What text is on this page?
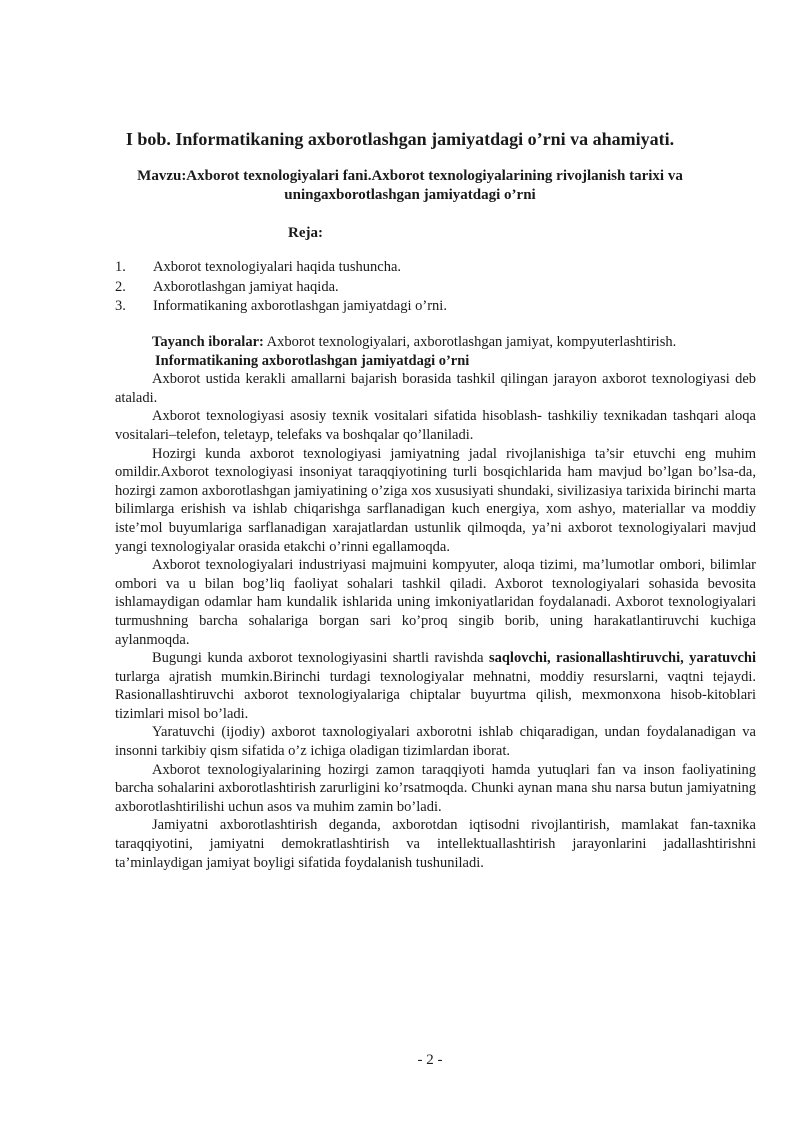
I bob. Informatikaning axborotlashgan jamiyatdagi o’rni va ahamiyati.
Mavzu:Axborot texnologiyalari fani.Axborot texnologiyalarining rivojlanish tarixi va uningaxborotlashgan jamiyatdagi o’rni
Reja:
1.	Axborot texnologiyalari haqida tushuncha.
2.	Axborotlashgan jamiyat haqida.
3.	Informatikaning axborotlashgan jamiyatdagi o’rni.

Tayanch iboralar: Axborot texnologiyalari, axborotlashgan jamiyat, kompyuterlashtirish.

Informatikaning axborotlashgan jamiyatdagi o’rni

Axborot ustida kerakli amallarni bajarish borasida tashkil qilingan jarayon axborot texnologiyasi deb ataladi.

Axborot texnologiyasi asosiy texnik vositalari sifatida hisoblash- tashkiliy texnikadan tashqari aloqa vositalari–telefon, teletayp, telefaks va boshqalar qo’llaniladi.

Hozirgi kunda axborot texnologiyasi jamiyatning jadal rivojlanishiga ta’sir etuvchi eng muhim omildir.Axborot texnologiyasi insoniyat taraqqiyotining turli bosqichlarida ham mavjud bo’lgan bo’lsa-da, hozirgi zamon axborotlashgan jamiyatining o’ziga xos xususiyati shundaki, sivilizasiya tarixida birinchi marta bilimlarga erishish va ishlab chiqarishga sarflanadigan kuch energiya, xom ashyo, materiallar va moddiy iste’mol buyumlariga sarflanadigan xarajatlardan ustunlik qilmoqda, ya’ni axborot texnologiyalari mavjud yangi texnologiyalar orasida etakchi o’rinni egallamoqda.

Axborot texnologiyalari industriyasi majmuini kompyuter, aloqa tizimi, ma’lumotlar ombori, bilimlar ombori va u bilan bog’liq faoliyat sohalari tashkil qiladi. Axborot texnologiyalari sohasida bevosita ishlamaydigan odamlar ham kundalik ishlarida uning imkoniyatlaridan foydalanadi. Axborot texnologiyalari turmushning barcha sohalariga borgan sari ko’proq singib borib, uning harakatlantiruvchi kuchiga aylanmoqda.

Bugungi kunda axborot texnologiyasini shartli ravishda saqlovchi, rasionallashtiruvchi, yaratuvchi turlarga ajratish mumkin.Birinchi turdagi texnologiyalar mehnatni, moddiy resurslarni, vaqtni tejaydi. Rasionallashtiruvchi axborot texnologiyalariga chiptalar buyurtma qilish, mexmonxona hisob-kitoblari tizimlari misol bo’ladi.

Yaratuvchi (ijodiy) axborot taxnologiyalari axborotni ishlab chiqaradigan, undan foydalanadigan va insonni tarkibiy qism sifatida o’z ichiga oladigan tizimlardan iborat.

Axborot texnologiyalarining hozirgi zamon taraqqiyoti hamda yutuqlari fan va inson faoliyatining barcha sohalarini axborotlashtirish zarurligini ko’rsatmoqda. Chunki aynan mana shu narsa butun jamiyatning axborotlashtirilishi uchun asos va muhim zamin bo’ladi.

Jamiyatni axborotlashtirish deganda, axborotdan iqtisodni rivojlantirish, mamlakat fan-taxnika taraqqiyotini, jamiyatni demokratlashtirish va intellektuallashtirish jarayonlarini jadallashtirishni ta’minlaydigan jamiyat boyligi sifatida foydalanish tushuniladi.

- 2 -
